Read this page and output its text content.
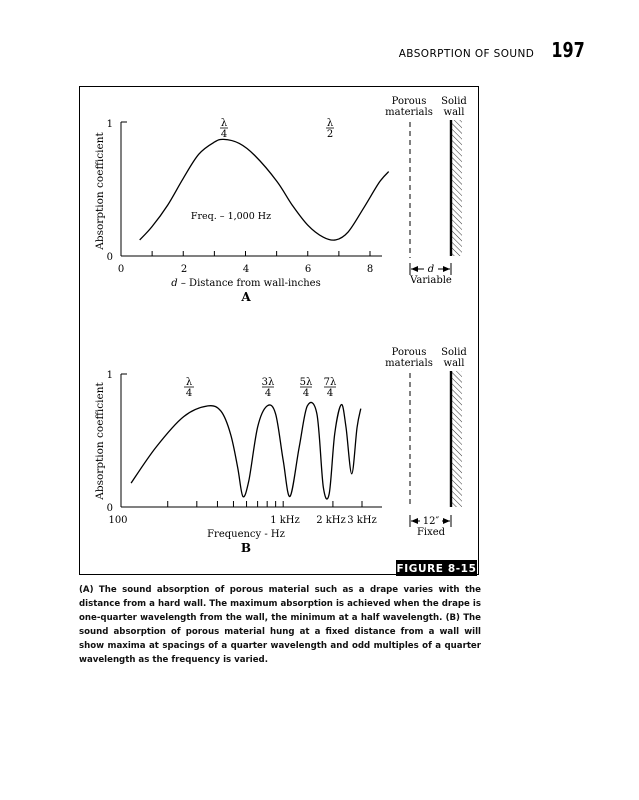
ABSORPTION OF SOUND 197
1
0
Absorption coefficient
0	2	4	6	8
d – Distance from wall-inches
A
λ
4
λ
2
Freq. – 1,000 Hz
Porous
materials
Solid
wall
d
Variable
1
0
Absorption coefficient
100	1 kHz 2 kHz 3 kHz
Frequency - Hz
B
λ
4
3λ
4
5λ
4
7λ
4
Porous
materials
Solid
wall
12″
Fixed
FIGURE 8-15

(A) The sound absorption of porous material such as a drape varies with the distance from a hard wall. The maximum absorption is achieved when the drape is one-quarter wavelength from the wall, the minimum at a half wavelength. (B) The sound absorption of porous material hung at a fixed distance from a wall will show maxima at spacings of a quarter wavelength and odd multiples of a quarter wavelength as the frequency is varied.
